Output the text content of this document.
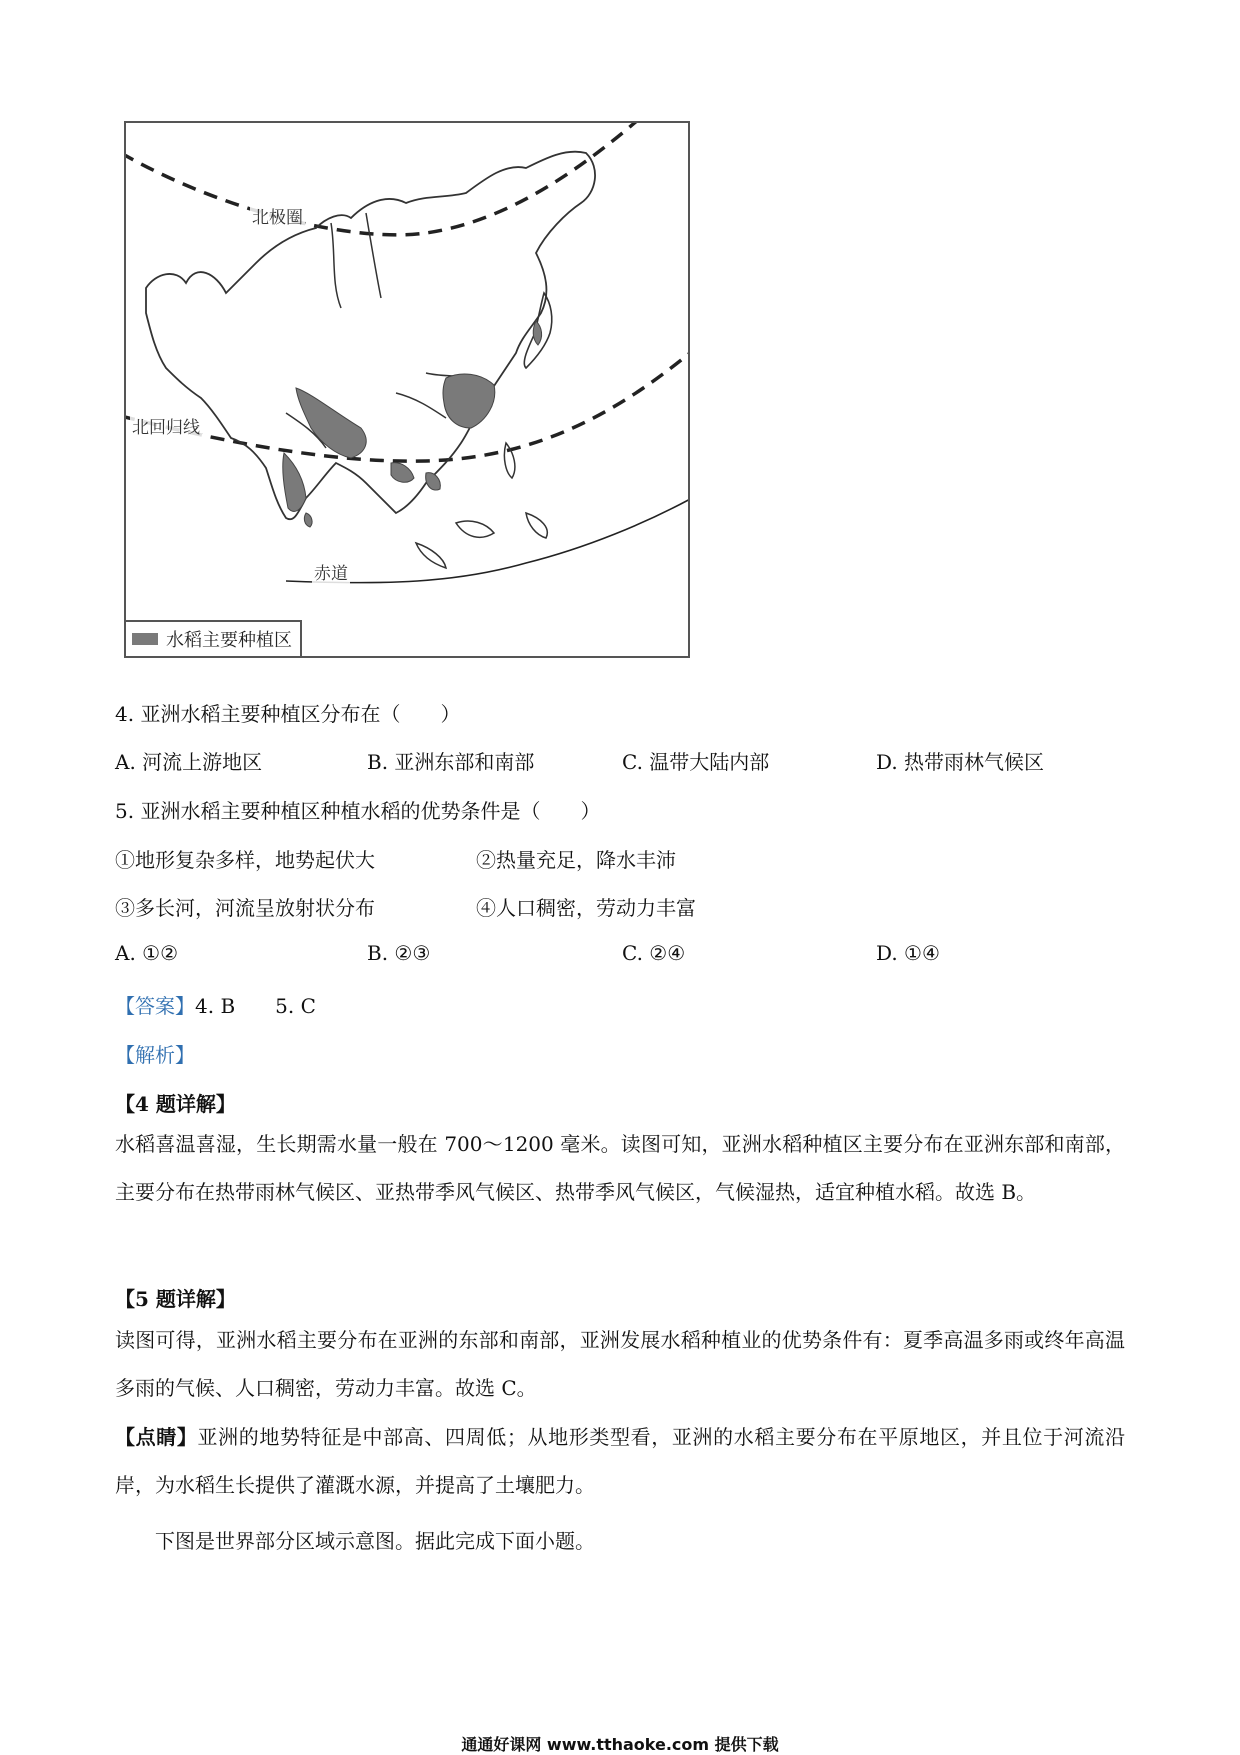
北极圈
北回归线
赤道
水稻主要种植区
4. 亚洲水稻主要种植区分布在（　　）
A. 河流上游地区	B. 亚洲东部和南部	C. 温带大陆内部	D. 热带雨林气候区
5. 亚洲水稻主要种植区种植水稻的优势条件是（　　）
①地形复杂多样，地势起伏大	②热量充足，降水丰沛
③多长河，河流呈放射状分布	④人口稠密，劳动力丰富
A. ①②	B. ②③	C. ②④	D. ①④
【答案】4. B　　5. C
【解析】
【4 题详解】
水稻喜温喜湿，生长期需水量一般在 700～1200 毫米。读图可知，亚洲水稻种植区主要分布在亚洲东部和南部，主要分布在热带雨林气候区、亚热带季风气候区、热带季风气候区，气候湿热，适宜种植水稻。故选 B。
【5 题详解】
读图可得，亚洲水稻主要分布在亚洲的东部和南部，亚洲发展水稻种植业的优势条件有：夏季高温多雨或终年高温多雨的气候、人口稠密，劳动力丰富。故选 C。
【点睛】亚洲的地势特征是中部高、四周低；从地形类型看，亚洲的水稻主要分布在平原地区，并且位于河流沿岸，为水稻生长提供了灌溉水源，并提高了土壤肥力。
下图是世界部分区域示意图。据此完成下面小题。
通通好课网 www.tthaoke.com 提供下载
